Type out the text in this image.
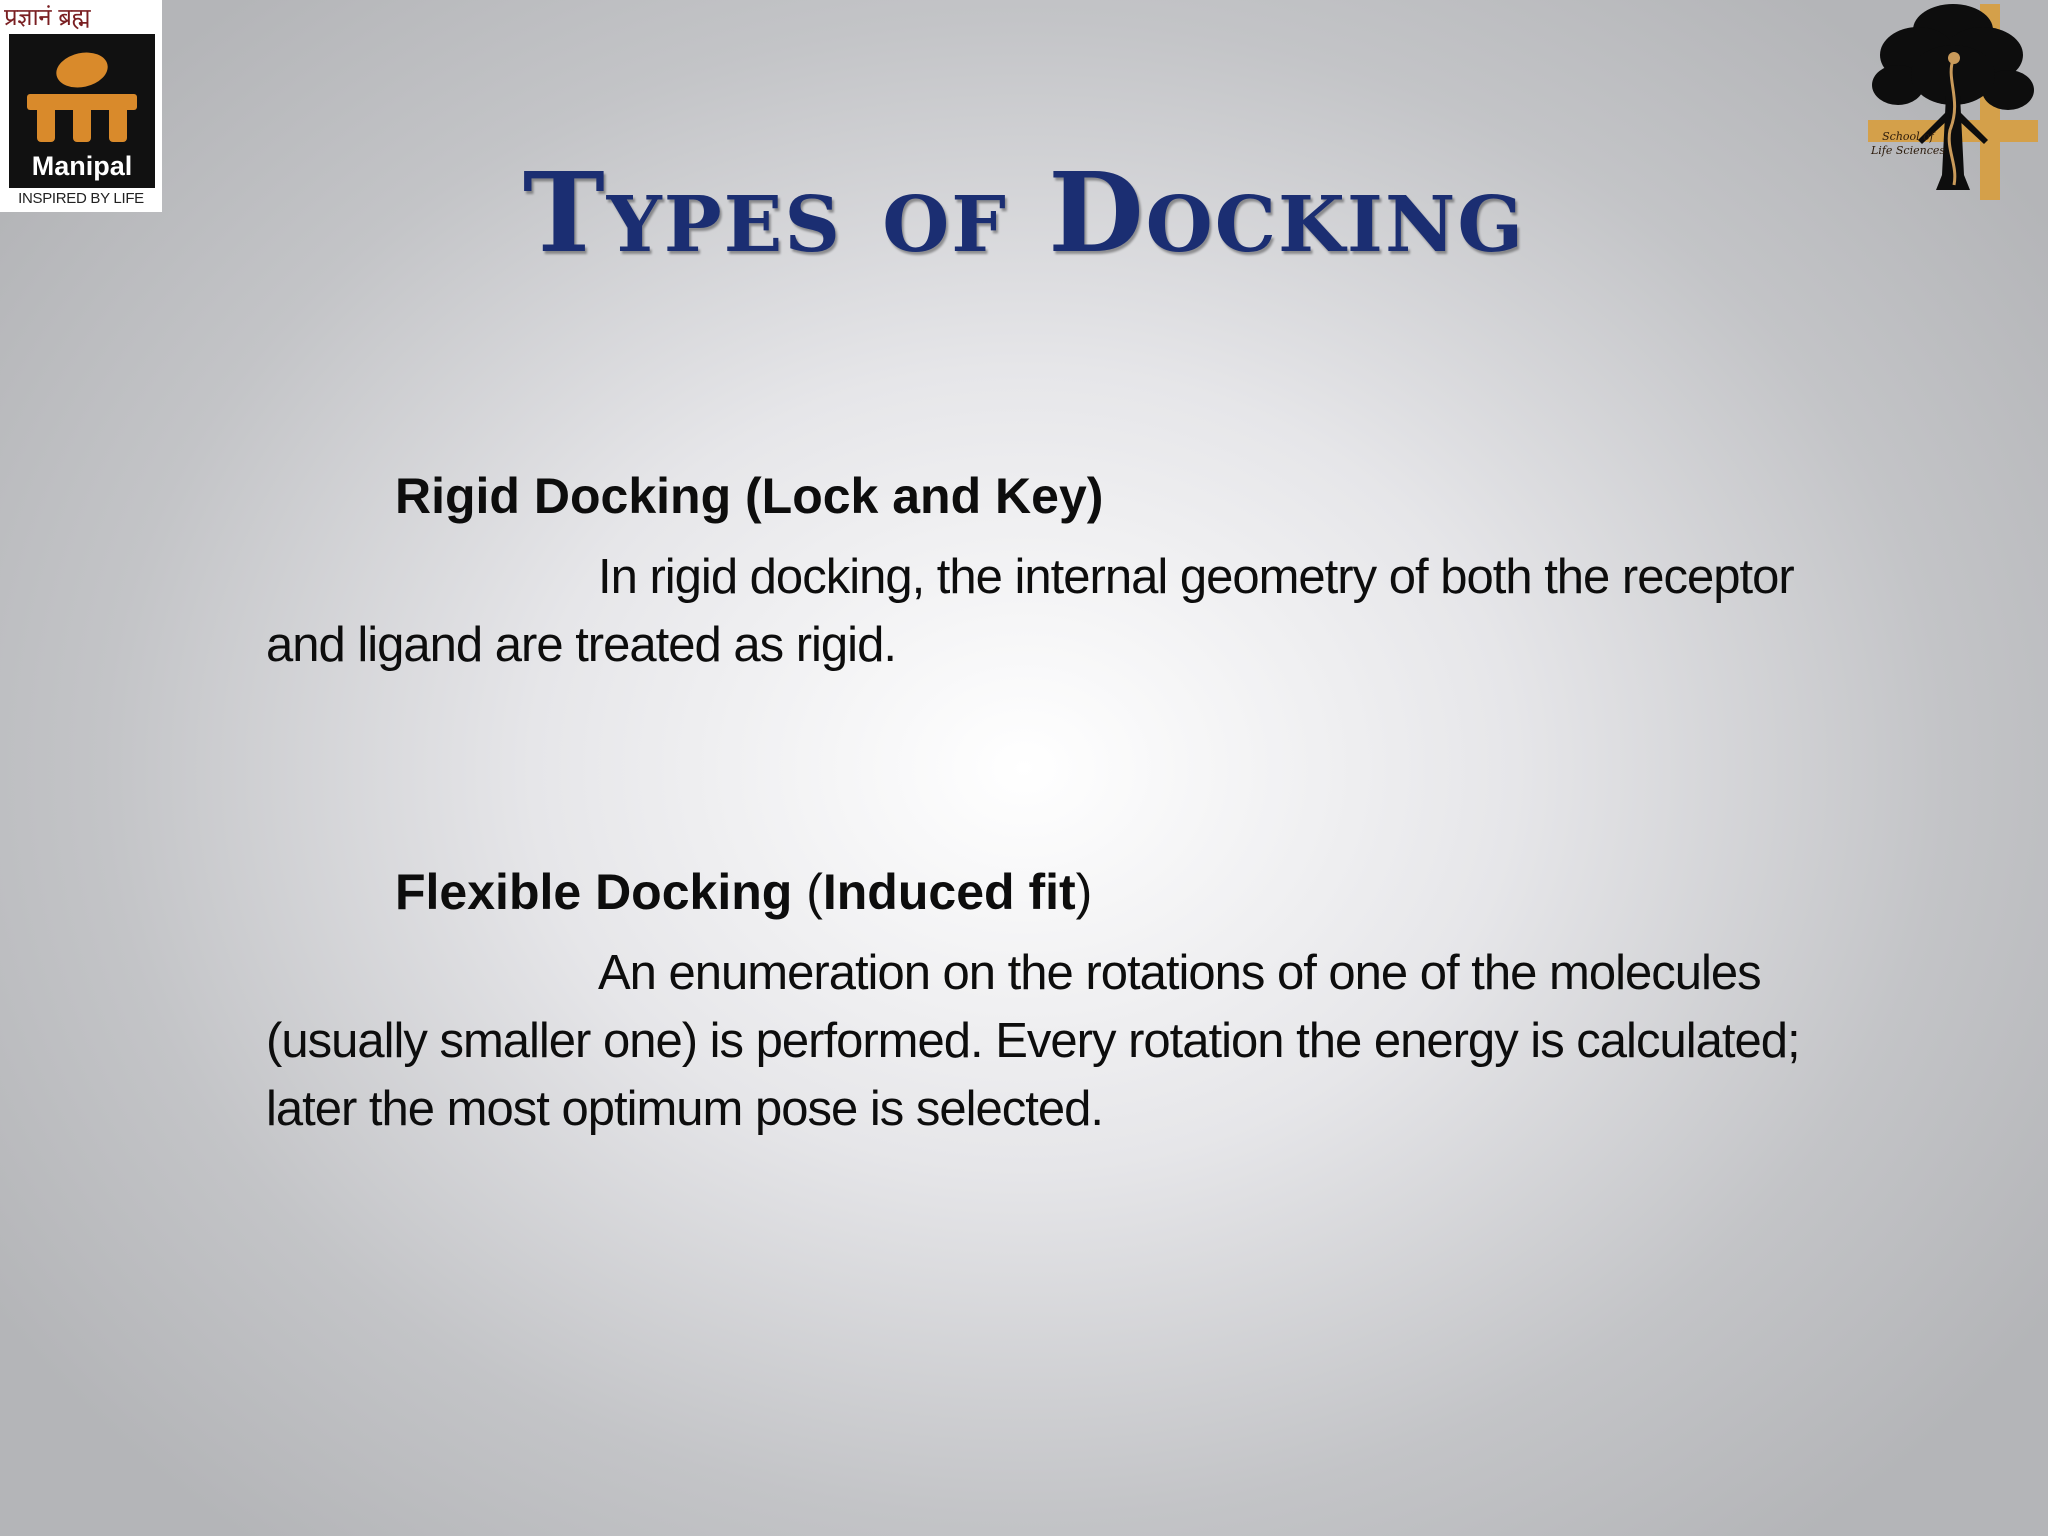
प्रज्ञानं ब्रह्म
Manipal
INSPIRED BY LIFE
School of
Life Sciences
Types of Docking
Rigid Docking (Lock and Key)
In rigid docking, the internal geometry of both the receptor and ligand are treated as rigid.
Flexible Docking (Induced fit)
An enumeration on the rotations of one of the molecules (usually smaller one) is performed. Every rotation the energy is calculated; later the most optimum pose is selected.
